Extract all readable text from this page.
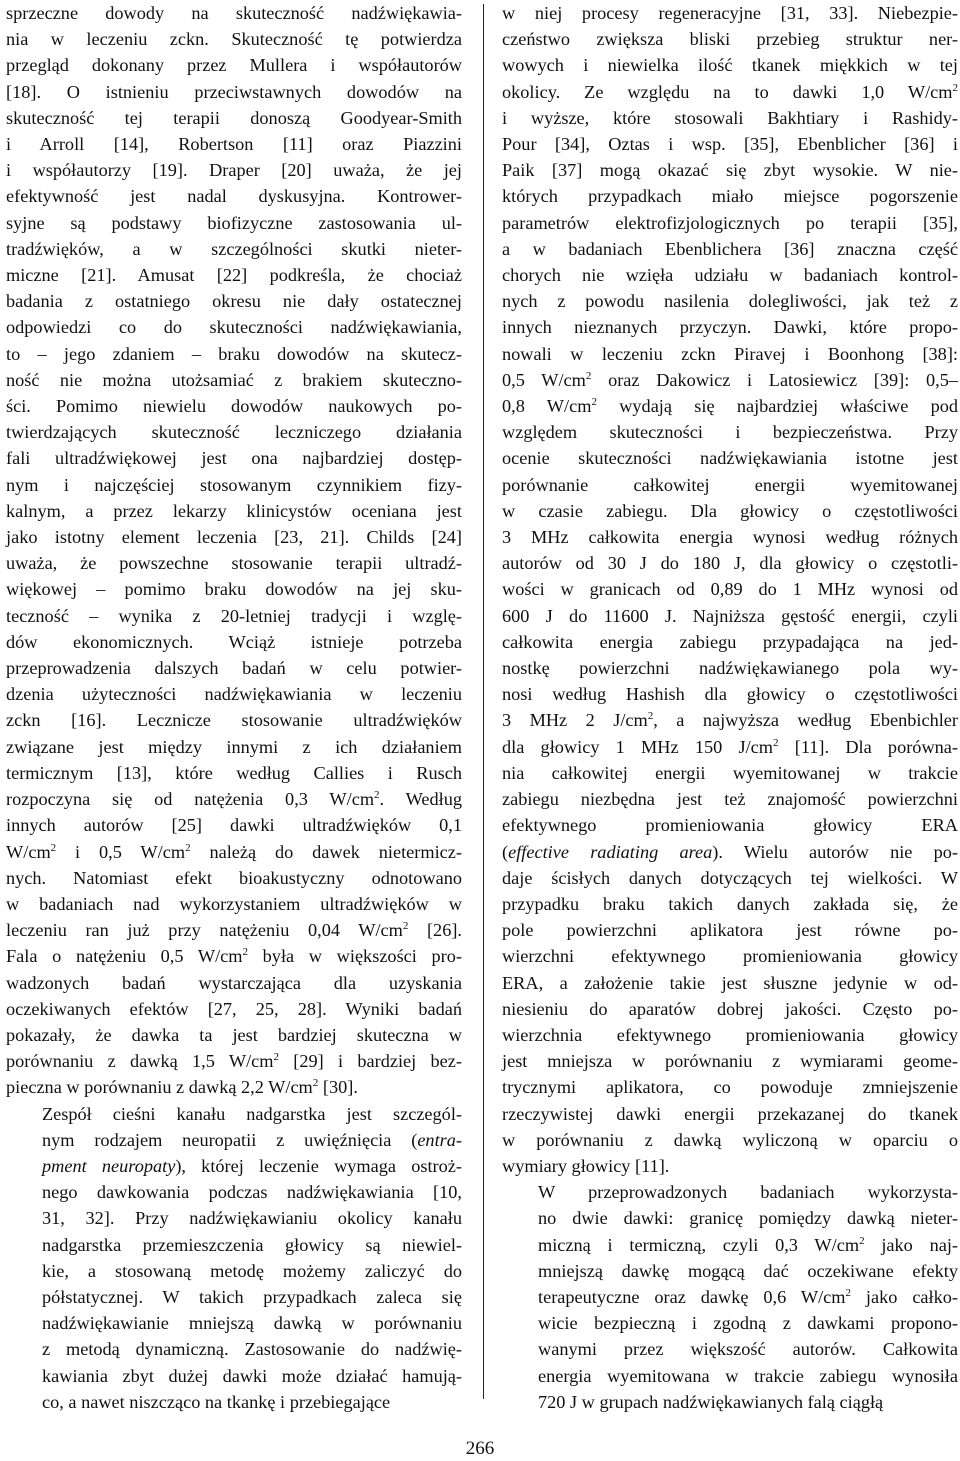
sprzeczne dowody na skuteczność nadźwiękawia-
nia w leczeniu zckn. Skuteczność tę potwierdza
przegląd dokonany przez Mullera i współautorów
[18]. O istnieniu przeciwstawnych dowodów na
skuteczność tej terapii donoszą Goodyear-Smith
i Arroll [14], Robertson [11] oraz Piazzini
i współautorzy [19]. Draper [20] uważa, że jej
efektywność jest nadal dyskusyjna. Kontrower-
syjne są podstawy biofizyczne zastosowania ul-
tradźwięków, a w szczególności skutki nieter-
miczne [21]. Amusat [22] podkreśla, że chociaż
badania z ostatniego okresu nie dały ostatecznej
odpowiedzi co do skuteczności nadźwiękawiania,
to – jego zdaniem – braku dowodów na skutecz-
ność nie można utożsamiać z brakiem skuteczno-
ści. Pomimo niewielu dowodów naukowych po-
twierdzających skuteczność leczniczego działania
fali ultradźwiękowej jest ona najbardziej dostęp-
nym i najczęściej stosowanym czynnikiem fizy-
kalnym, a przez lekarzy klinicystów oceniana jest
jako istotny element leczenia [23, 21]. Childs [24]
uważa, że powszechne stosowanie terapii ultradź-
więkowej – pomimo braku dowodów na jej sku-
teczność – wynika z 20-letniej tradycji i wzglę-
dów ekonomicznych. Wciąż istnieje potrzeba
przeprowadzenia dalszych badań w celu potwier-
dzenia użyteczności nadźwiękawiania w leczeniu
zckn [16]. Lecznicze stosowanie ultradźwięków
związane jest między innymi z ich działaniem
termicznym [13], które według Callies i Rusch
rozpoczyna się od natężenia 0,3 $W/cm^2$. Według
innych autorów [25] dawki ultradźwięków 0,1
$W/cm^2$ i 0,5 $W/cm^2$ należą do dawek nietermicz-
nych. Natomiast efekt bioakustyczny odnotowano
w badaniach nad wykorzystaniem ultradźwięków w
leczeniu ran już przy natężeniu 0,04 $W/cm^2$ [26].
Fala o natężeniu 0,5 $W/cm^2$ była w większości pro-
wadzonych badań wystarczająca dla uzyskania
oczekiwanych efektów [27, 25, 28]. Wyniki badań
pokazały, że dawka ta jest bardziej skuteczna w
porównaniu z dawką 1,5 $W/cm^2$ [29] i bardziej bez-
pieczna w porównaniu z dawką 2,2 $W/cm^2$ [30].

Zespół cieśni kanału nadgarstka jest szczegól-
nym rodzajem neuropatii z uwięźnięcia (entra-
pment neuropaty), której leczenie wymaga ostroż-
nego dawkowania podczas nadźwiękawiania [10,
31, 32]. Przy nadźwiękawianiu okolicy kanału
nadgarstka przemieszczenia głowicy są niewiel-
kie, a stosowaną metodę możemy zaliczyć do
półstatycznej. W takich przypadkach zaleca się
nadźwiękawianie mniejszą dawką w porównaniu
z metodą dynamiczną. Zastosowanie do nadźwię-
kawiania zbyt dużej dawki może działać hamują-
co, a nawet niszcząco na tkankę i przebiegające

w niej procesy regeneracyjne [31, 33]. Niebezpie-
czeństwo zwiększa bliski przebieg struktur ner-
wowych i niewielka ilość tkanek miękkich w tej
okolicy. Ze względu na to dawki 1,0 $W/cm^2$
i wyższe, które stosowali Bakhtiary i Rashidy-
Pour [34], Oztas i wsp. [35], Ebenblicher [36] i
Paik [37] mogą okazać się zbyt wysokie. W nie-
których przypadkach miało miejsce pogorszenie
parametrów elektrofizjologicznych po terapii [35],
a w badaniach Ebenblichera [36] znaczna część
chorych nie wzięła udziału w badaniach kontrol-
nych z powodu nasilenia dolegliwości, jak też z
innych nieznanych przyczyn. Dawki, które propo-
nowali w leczeniu zckn Piravej i Boonhong [38]:
0,5 $W/cm^2$ oraz Dakowicz i Latosiewicz [39]: 0,5–
0,8 $W/cm^2$ wydają się najbardziej właściwe pod
względem skuteczności i bezpieczeństwa. Przy
ocenie skuteczności nadźwiękawiania istotne jest
porównanie całkowitej energii wyemitowanej
w czasie zabiegu. Dla głowicy o częstotliwości
3 MHz całkowita energia wynosi według różnych
autorów od 30 J do 180 J, dla głowicy o częstotli-
wości w granicach od 0,89 do 1 MHz wynosi od
600 J do 11600 J. Najniższa gęstość energii, czyli
całkowita energia zabiegu przypadająca na jed-
nostkę powierzchni nadźwiękawianego pola wy-
nosi według Hashish dla głowicy o częstotliwości
3 MHz 2 $J/cm^2$, a najwyższa według Ebenbichler
dla głowicy 1 MHz 150 $J/cm^2$ [11]. Dla porówna-
nia całkowitej energii wyemitowanej w trakcie
zabiegu niezbędna jest też znajomość powierzchni
efektywnego promieniowania głowicy ERA
(effective radiating area). Wielu autorów nie po-
daje ścisłych danych dotyczących tej wielkości. W
przypadku braku takich danych zakłada się, że
pole powierzchni aplikatora jest równe po-
wierzchni efektywnego promieniowania głowicy
ERA, a założenie takie jest słuszne jedynie w od-
niesieniu do aparatów dobrej jakości. Często po-
wierzchnia efektywnego promieniowania głowicy
jest mniejsza w porównaniu z wymiarami geome-
trycznymi aplikatora, co powoduje zmniejszenie
rzeczywistej dawki energii przekazanej do tkanek
w porównaniu z dawką wyliczoną w oparciu o
wymiary głowicy [11].

W przeprowadzonych badaniach wykorzysta-
no dwie dawki: granicę pomiędzy dawką nieter-
miczną i termiczną, czyli 0,3 $W/cm^2$ jako naj-
mniejszą dawkę mogącą dać oczekiwane efekty
terapeutyczne oraz dawkę 0,6 $W/cm^2$ jako całko-
wicie bezpieczną i zgodną z dawkami propono-
wanymi przez większość autorów. Całkowita
energia wyemitowana w trakcie zabiegu wynosiła
720 J w grupach nadźwiękawianych falą ciągłą

266
